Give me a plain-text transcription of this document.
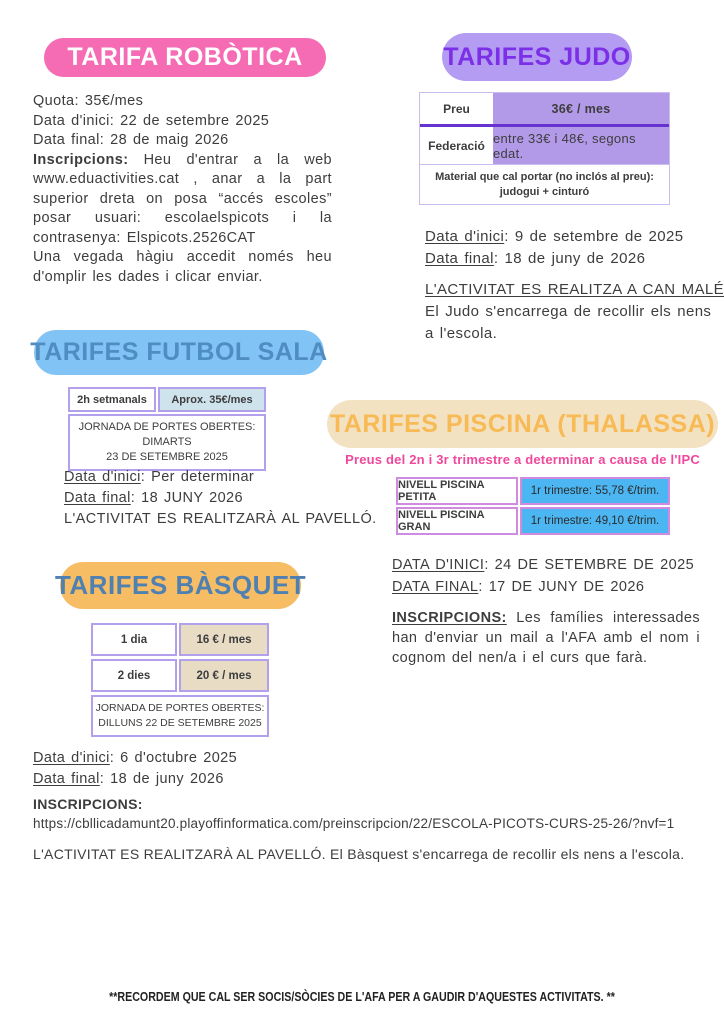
TARIFA ROBÒTICA

Quota: 35€/mes

Data d'inici: 22 de setembre 2025

Data final: 28 de maig 2026

Inscripcions: Heu d'entrar a la web www.eduactivities.cat , anar a la part superior dreta on posa “accés escoles” posar usuari: escolaelspicots i la contrasenya: Elspicots.2526CAT

Una vegada hàgiu accedit només heu d'omplir les dades i clicar enviar.

TARIFES JUDO
Preu	36€ / mes
Federació entre 33€ i 48€, segons edat.
Material que cal portar (no inclós al preu):
judogui + cinturó

Data d'inici: 9 de setembre de 2025

Data final: 18 de juny de 2026

L'ACTIVITAT ES REALITZA A CAN MALÉ

El Judo s'encarrega de recollir els nens a l'escola.

TARIFES FUTBOL SALA
2h setmanals	Aprox. 35€/mes
JORNADA DE PORTES OBERTES: DIMARTS
23 DE SETEMBRE 2025

Data d'inici: Per determinar

Data final: 18 JUNY 2026

L'ACTIVITAT ES REALITZARÀ AL PAVELLÓ.

TARIFES PISCINA (THALASSA)
Preus del 2n i 3r trimestre a determinar a causa de l'IPC
NIVELL PISCINA PETITA	1r trimestre: 55,78 €/trim.
NIVELL PISCINA GRAN	1r trimestre: 49,10 €/trim.

DATA D'INICI: 24 DE SETEMBRE DE 2025

DATA FINAL: 17 DE JUNY DE 2026

INSCRIPCIONS: Les famílies interessades han d'enviar un mail a l'AFA amb el nom i cognom del nen/a i el curs que farà.

TARIFES BÀSQUET
1 dia	16 € / mes
2 dies	20 € / mes
JORNADA DE PORTES OBERTES:
DILLUNS 22 DE SETEMBRE 2025

Data d'inici: 6 d'octubre 2025

Data final: 18 de juny 2026

INSCRIPCIONS:

https://cbllicadamunt20.playoffinformatica.com/preinscripcion/22/ESCOLA-PICOTS-CURS-25-26/?nvf=1

L'ACTIVITAT ES REALITZARÀ AL PAVELLÓ. El Bàsquest s'encarrega de recollir els nens a l'escola.

**RECORDEM QUE CAL SER SOCIS/SÒCIES DE L'AFA PER A GAUDIR D'AQUESTES ACTIVITATS. **
